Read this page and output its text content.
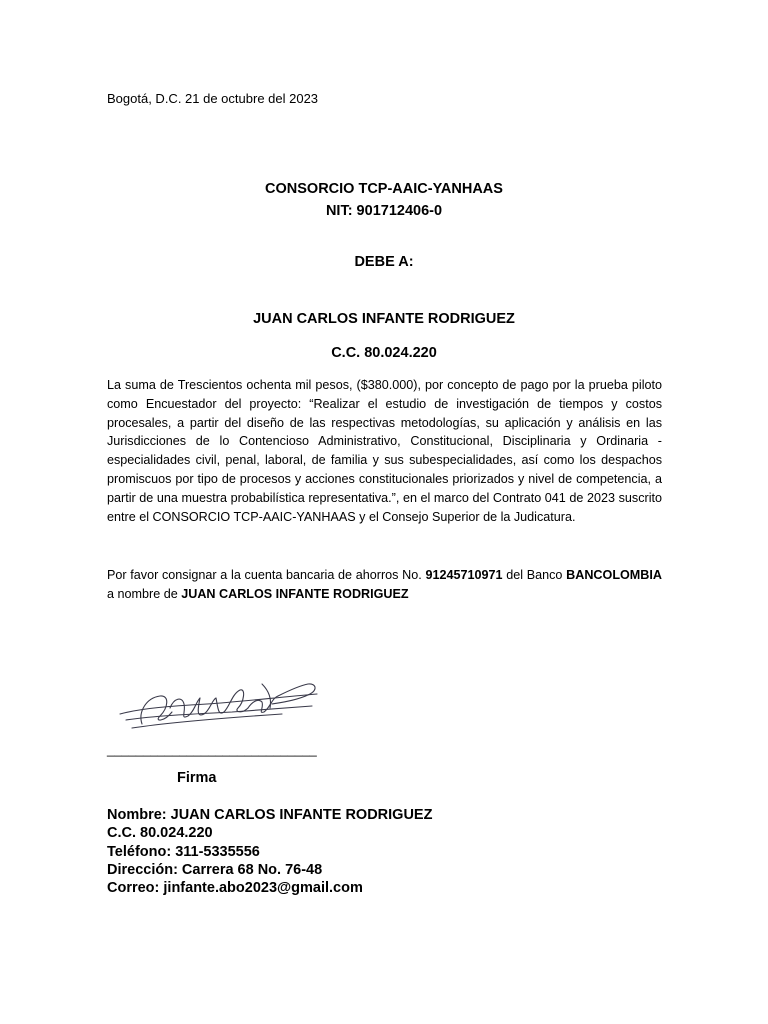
Bogotá, D.C. 21 de octubre del 2023
CONSORCIO TCP-AAIC-YANHAAS
NIT: 901712406-0
DEBE A:
JUAN CARLOS INFANTE RODRIGUEZ
C.C. 80.024.220
La suma de Trescientos ochenta mil pesos, ($380.000), por concepto de pago por la prueba piloto como Encuestador del proyecto: “Realizar el estudio de investigación de tiempos y costos procesales, a partir del diseño de las respectivas metodologías, su aplicación y análisis en las Jurisdicciones de lo Contencioso Administrativo, Constitucional, Disciplinaria y Ordinaria - especialidades civil, penal, laboral, de familia y sus subespecialidades, así como los despachos promiscuos por tipo de procesos y acciones constitucionales priorizados y nivel de competencia, a partir de una muestra probabilística representativa.”, en el marco del Contrato 041 de 2023 suscrito entre el CONSORCIO TCP-AAIC-YANHAAS y el Consejo Superior de la Judicatura.
Por favor consignar a la cuenta bancaria de ahorros No. 91245710971 del Banco BANCOLOMBIA a nombre de JUAN CARLOS INFANTE RODRIGUEZ
_____________________________
Firma
Nombre: JUAN CARLOS INFANTE RODRIGUEZ
C.C. 80.024.220
Teléfono: 311-5335556
Dirección: Carrera 68 No. 76-48
Correo: jinfante.abo2023@gmail.com
